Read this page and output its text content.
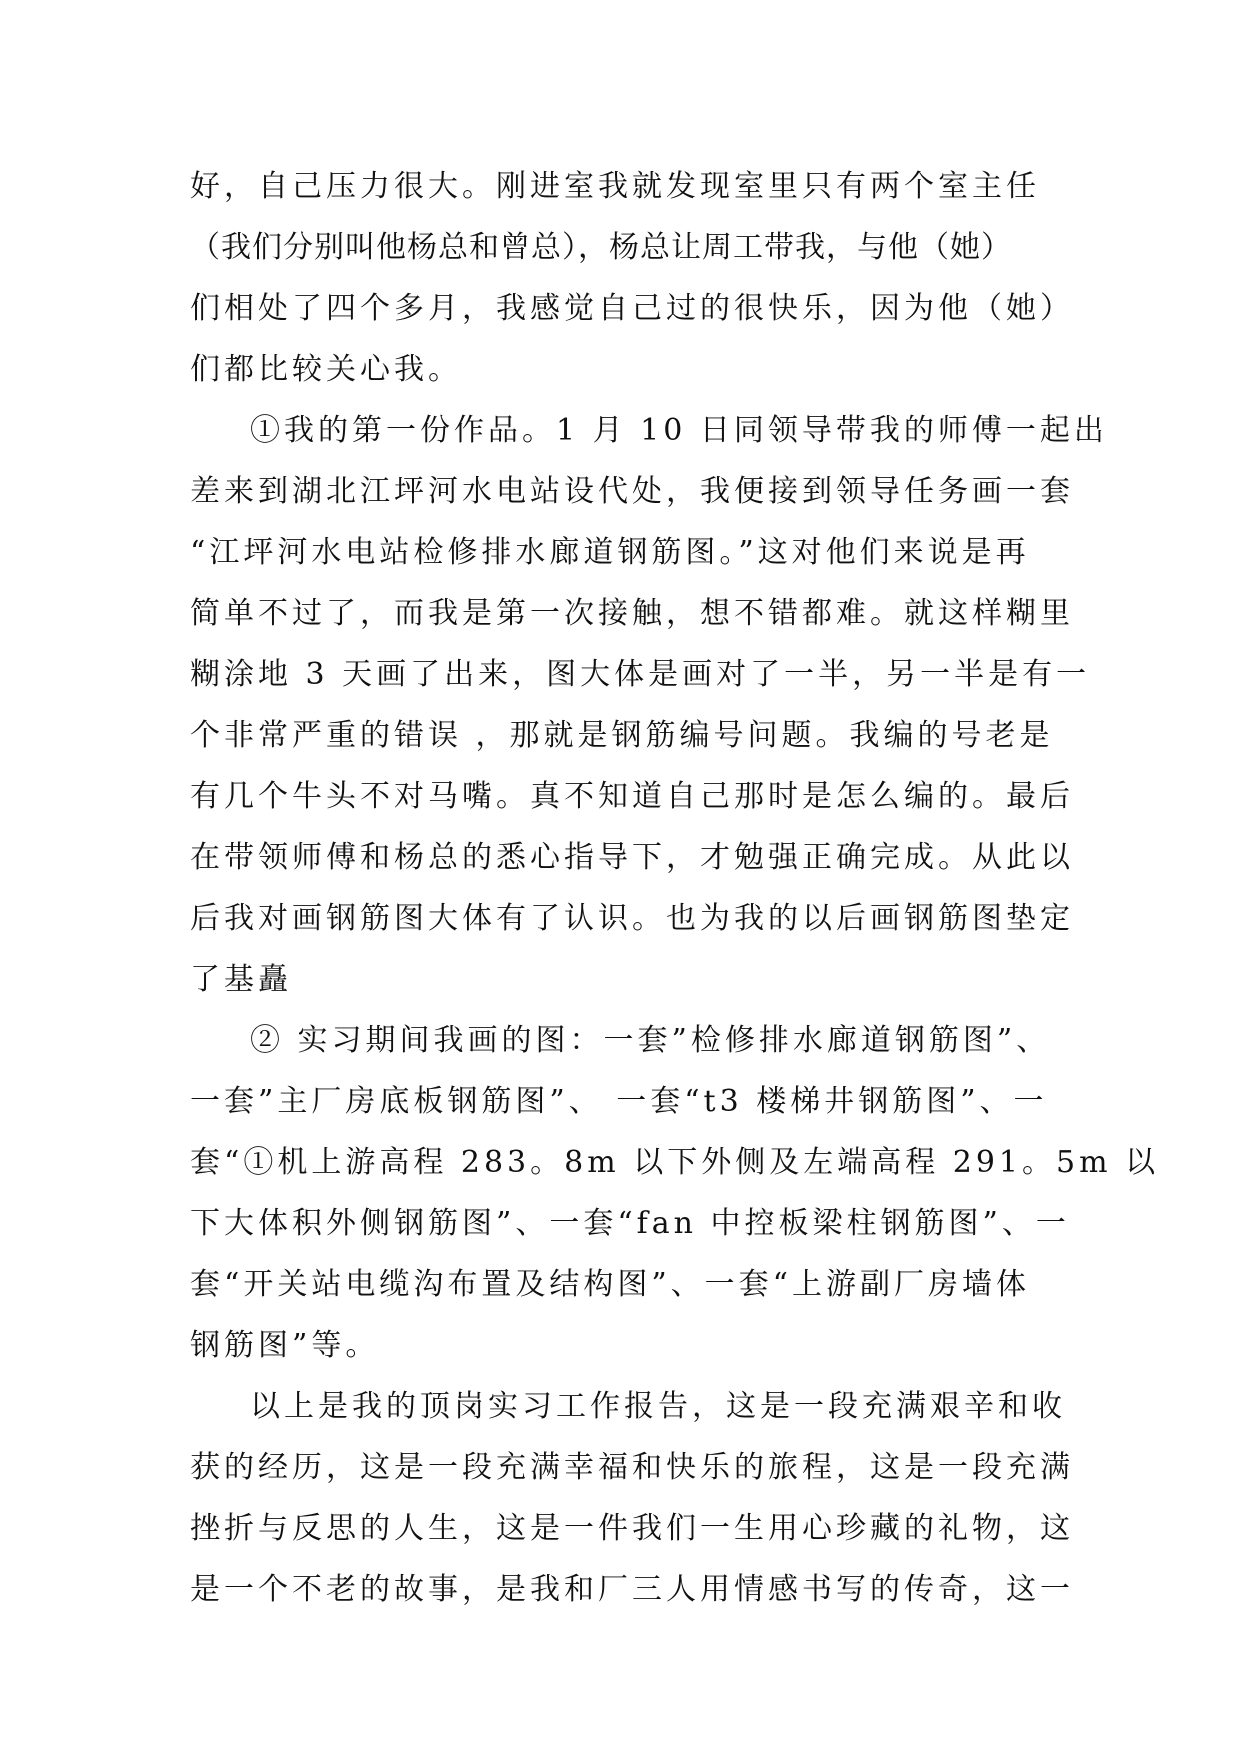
好，自己压力很大。刚进室我就发现室里只有两个室主任
（我们分别叫他杨总和曾总），杨总让周工带我，与他（她）
们相处了四个多月，我感觉自己过的很快乐，因为他（她）
们都比较关心我。
①我的第一份作品。1 月 10 日同领导带我的师傅一起出
差来到湖北江坪河水电站设代处，我便接到领导任务画一套
“江坪河水电站检修排水廊道钢筋图。”这对他们来说是再
简单不过了，而我是第一次接触，想不错都难。就这样糊里
糊涂地 3 天画了出来，图大体是画对了一半，另一半是有一
个非常严重的错误 ，那就是钢筋编号问题。我编的号老是
有几个牛头不对马嘴。真不知道自己那时是怎么编的。最后
在带领师傅和杨总的悉心指导下，才勉强正确完成。从此以
后我对画钢筋图大体有了认识。也为我的以后画钢筋图垫定
了基矗
② 实习期间我画的图：一套”检修排水廊道钢筋图”、
一套”主厂房底板钢筋图”、 一套“t3 楼梯井钢筋图”、一
套“①机上游高程 283。8m 以下外侧及左端高程 291。5m 以
下大体积外侧钢筋图”、一套“fan 中控板梁柱钢筋图”、一
套“开关站电缆沟布置及结构图”、一套“上游副厂房墙体
钢筋图”等。
以上是我的顶岗实习工作报告，这是一段充满艰辛和收
获的经历，这是一段充满幸福和快乐的旅程，这是一段充满
挫折与反思的人生，这是一件我们一生用心珍藏的礼物，这
是一个不老的故事，是我和厂三人用情感书写的传奇，这一
